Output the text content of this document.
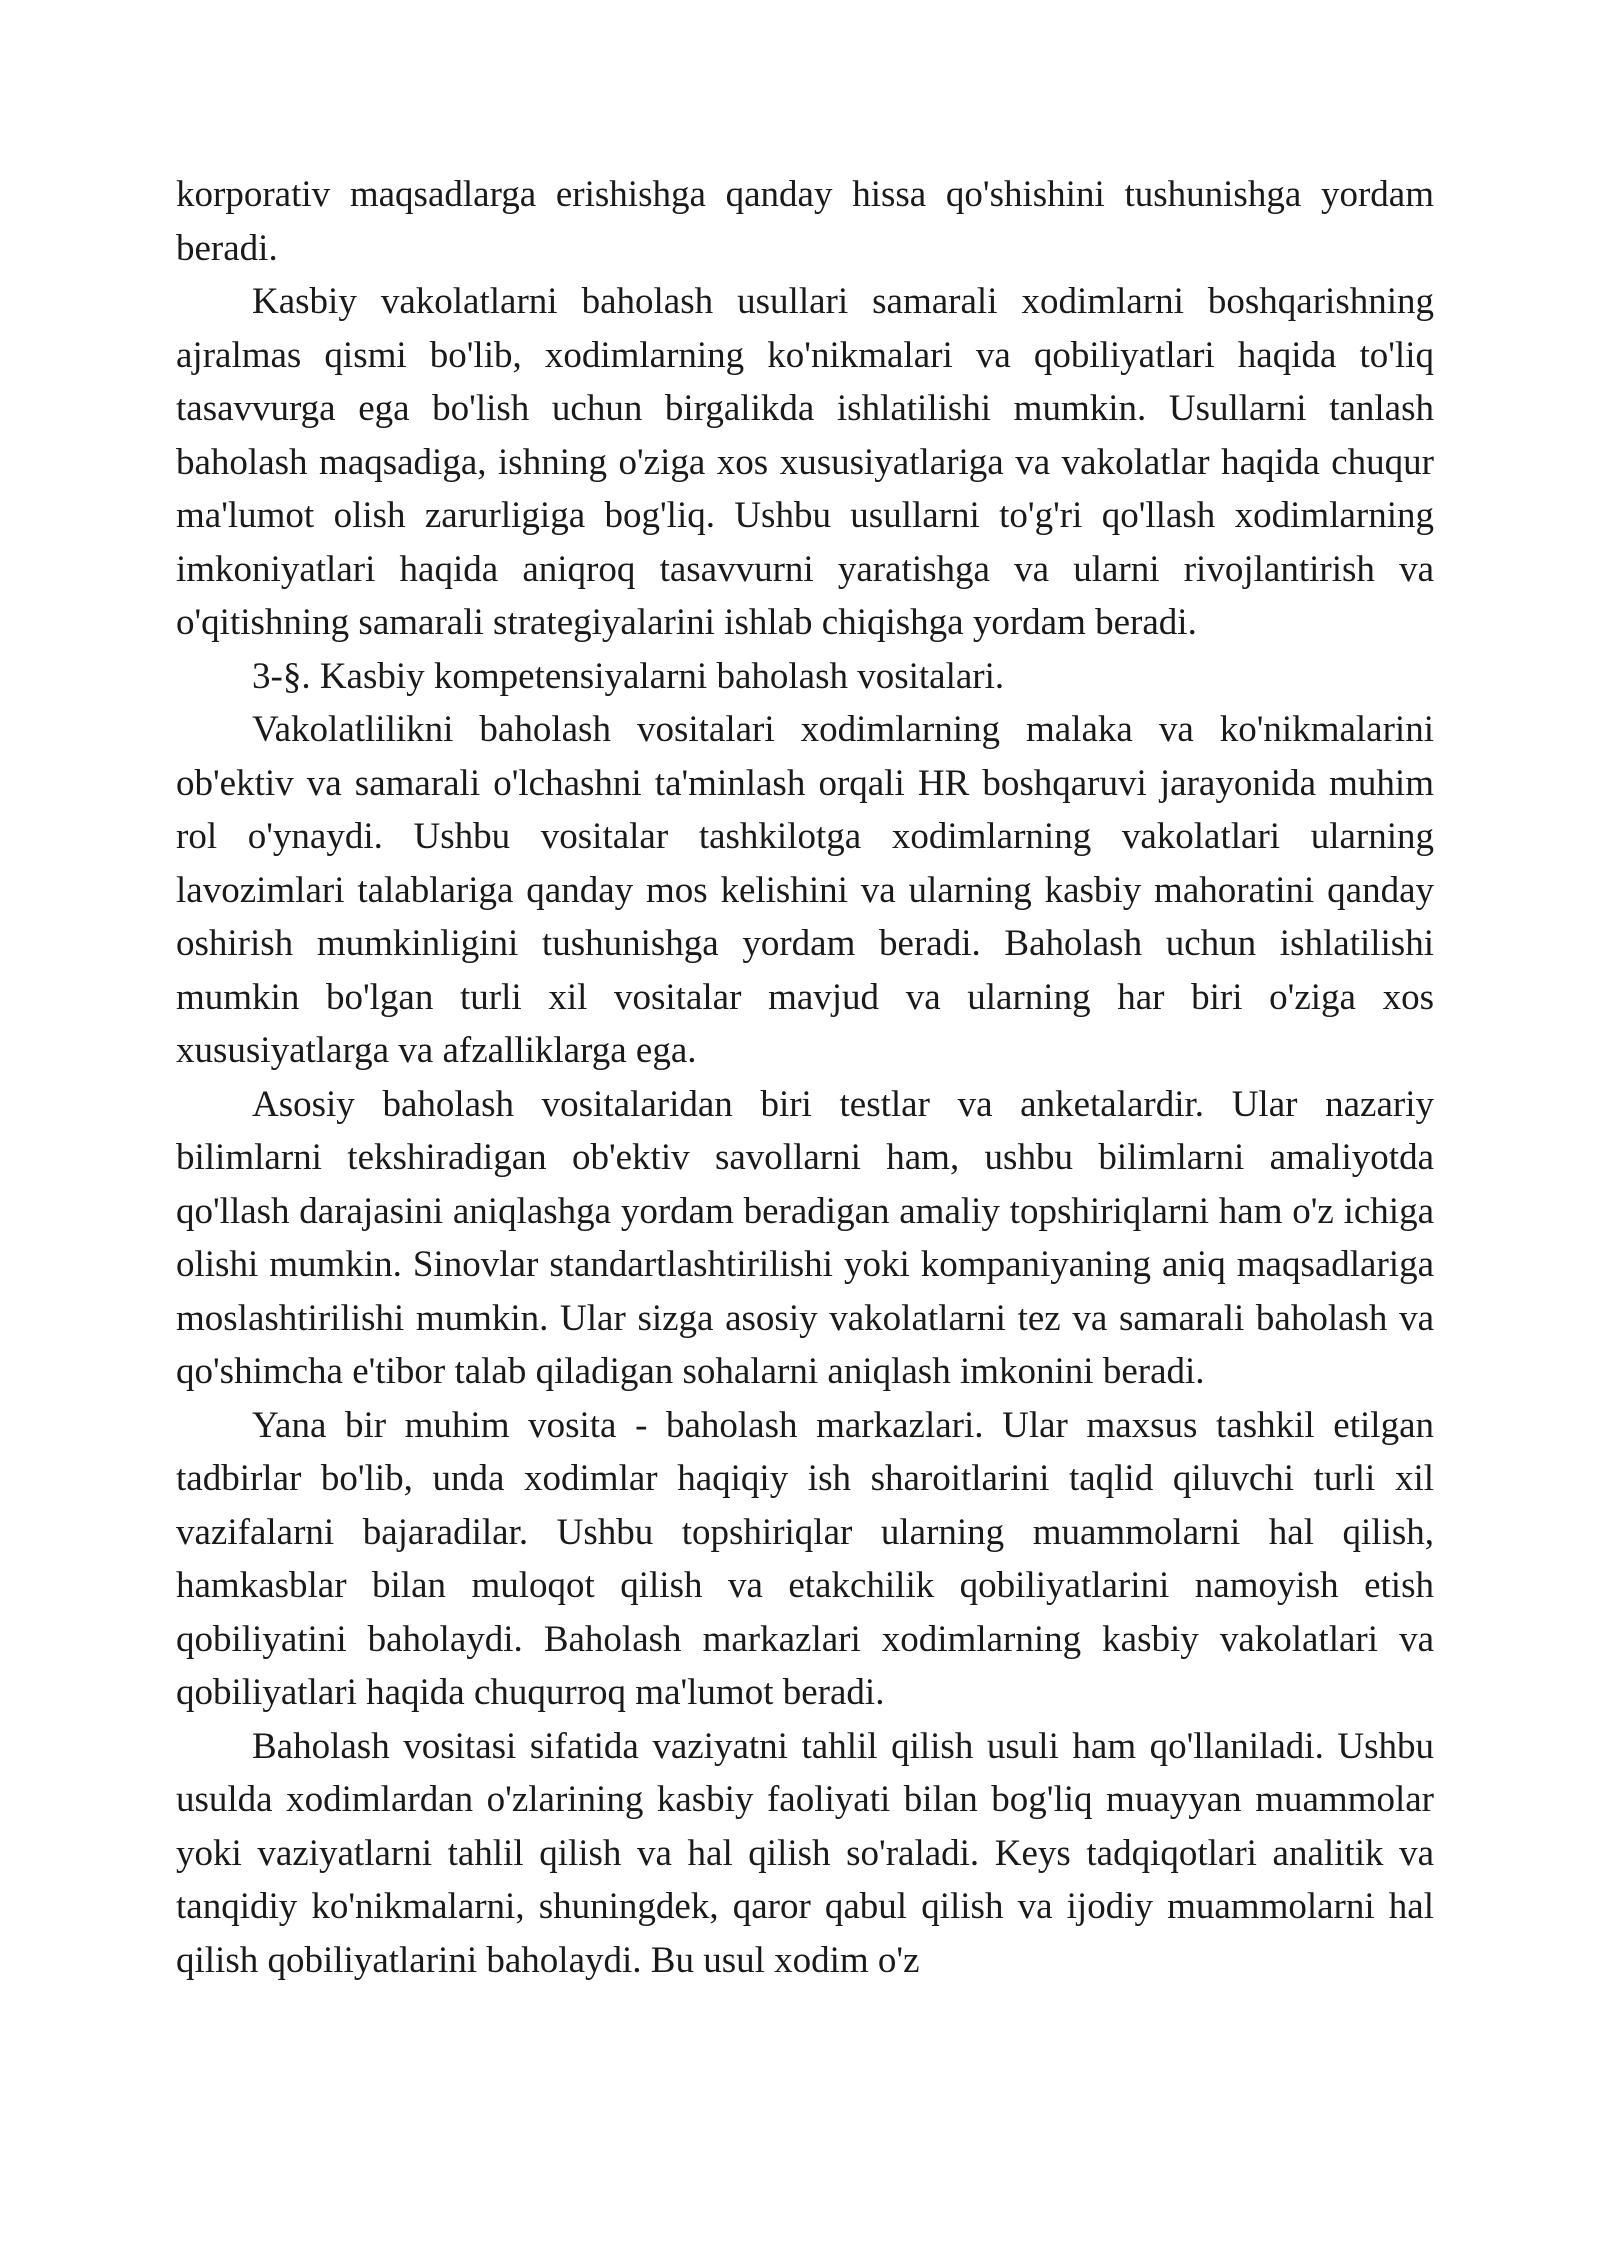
korporativ maqsadlarga erishishga qanday hissa qo'shishini tushunishga yordam beradi.

Kasbiy vakolatlarni baholash usullari samarali xodimlarni boshqarishning ajralmas qismi bo'lib, xodimlarning ko'nikmalari va qobiliyatlari haqida to'liq tasavvurga ega bo'lish uchun birgalikda ishlatilishi mumkin. Usullarni tanlash baholash maqsadiga, ishning o'ziga xos xususiyatlariga va vakolatlar haqida chuqur ma'lumot olish zarurligiga bog'liq. Ushbu usullarni to'g'ri qo'llash xodimlarning imkoniyatlari haqida aniqroq tasavvurni yaratishga va ularni rivojlantirish va o'qitishning samarali strategiyalarini ishlab chiqishga yordam beradi.

3-§. Kasbiy kompetensiyalarni baholash vositalari.

Vakolatlilikni baholash vositalari xodimlarning malaka va ko'nikmalarini ob'ektiv va samarali o'lchashni ta'minlash orqali HR boshqaruvi jarayonida muhim rol o'ynaydi. Ushbu vositalar tashkilotga xodimlarning vakolatlari ularning lavozimlari talablariga qanday mos kelishini va ularning kasbiy mahoratini qanday oshirish mumkinligini tushunishga yordam beradi. Baholash uchun ishlatilishi mumkin bo'lgan turli xil vositalar mavjud va ularning har biri o'ziga xos xususiyatlarga va afzalliklarga ega.

Asosiy baholash vositalaridan biri testlar va anketalardir. Ular nazariy bilimlarni tekshiradigan ob'ektiv savollarni ham, ushbu bilimlarni amaliyotda qo'llash darajasini aniqlashga yordam beradigan amaliy topshiriqlarni ham o'z ichiga olishi mumkin. Sinovlar standartlashtirilishi yoki kompaniyaning aniq maqsadlariga moslashtirilishi mumkin. Ular sizga asosiy vakolatlarni tez va samarali baholash va qo'shimcha e'tibor talab qiladigan sohalarni aniqlash imkonini beradi.

Yana bir muhim vosita - baholash markazlari. Ular maxsus tashkil etilgan tadbirlar bo'lib, unda xodimlar haqiqiy ish sharoitlarini taqlid qiluvchi turli xil vazifalarni bajaradilar. Ushbu topshiriqlar ularning muammolarni hal qilish, hamkasblar bilan muloqot qilish va etakchilik qobiliyatlarini namoyish etish qobiliyatini baholaydi. Baholash markazlari xodimlarning kasbiy vakolatlari va qobiliyatlari haqida chuqurroq ma'lumot beradi.

Baholash vositasi sifatida vaziyatni tahlil qilish usuli ham qo'llaniladi. Ushbu usulda xodimlardan o'zlarining kasbiy faoliyati bilan bog'liq muayyan muammolar yoki vaziyatlarni tahlil qilish va hal qilish so'raladi. Keys tadqiqotlari analitik va tanqidiy ko'nikmalarni, shuningdek, qaror qabul qilish va ijodiy muammolarni hal qilish qobiliyatlarini baholaydi. Bu usul xodim o'z
